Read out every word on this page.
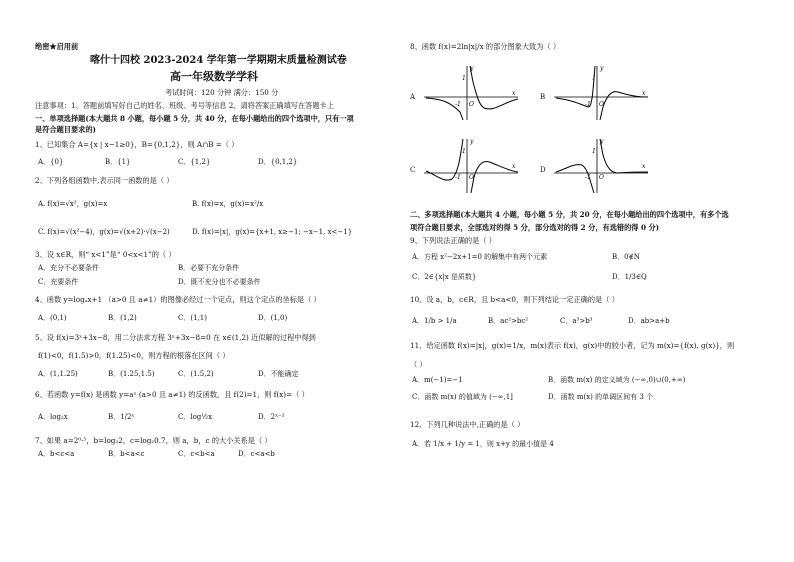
绝密★启用前
喀什十四校 2023-2024 学年第一学期期末质量检测试卷
高一年级数学学科
考试时间：120 分钟 满分：150 分
注意事项：1、答题前填写好自己的姓名、班级、考号等信息 2、请将答案正确填写在答题卡上
一、单项选择题(本大题共 8 小题，每小题 5 分，共 40 分，在每小题给出的四个选项中，只有一项
是符合题目要求的)
1、已知集合 A={x | x−1≥0}，B={0,1,2}，则 A∩B =（ ）
A．{0}	B．{1}	C．{1,2}	D．{0,1,2}
2、下列各组函数中,表示同一函数的是（ ）
A. f(x)=√x²，g(x)=x	B. f(x)=x，g(x)=x²/x
C. f(x)=√(x²−4)，g(x)=√(x+2)·√(x−2)	D. f(x)=|x|，g(x)={x+1, x≥−1; −x−1, x<−1}
3、设 x∈R，则“ x<1”是“ 0<x<1”的（ ）
A．充分不必要条件	B．必要不充分条件
C．充要条件	D．既不充分也不必要条件
4、函数 y=logₐx+1 （a>0 且 a≠1）的图像必经过一个定点，则这个定点的坐标是（ ）
A．(0,1)	B．(1,2)	C．(1,1)	D．(1,0)
5、设 f(x)=3ˣ+3x−8，用二分法求方程 3ˣ+3x−8=0 在 x∈(1,2) 近似解的过程中得到
f(1)<0，f(1.5)>0，f(1.25)<0，则方程的根落在区间（ ）
A．(1,1.25)	B．(1.25,1.5)	C．(1.5,2)	D．不能确定
6、若函数 y=f(x) 是函数 y=aˣ (a>0 且 a≠1) 的反函数，且 f(2)=1，则 f(x)=（ ）
A．log₂x	B．1/2ˣ	C．log½x	D．2ˣ⁻²
7、如果 a=2⁰·⁵，b=log₂2，c=log₂0.7，则 a，b，c 的大小关系是（ ）
A．b<c<a	B．b<a<c	C．c<b<a	D．c<a<b
8、函数 f(x)=2ln|x|/x 的部分图象大致为（ ）
A
y
x
O
1
-1
B
y
x
O
1
-1
C
y
x
O
1
-1
D
y
x
O
1
-1
二、多项选择题(本大题共 4 小题，每小题 5 分，共 20 分，在每小题给出的四个选项中，有多个选
项符合题目要求，全部选对的得 5 分，部分选对的得 2 分，有选错的得 0 分)
9、下列说法正确的是（ ）
A．方程 x²−2x+1=0 的解集中有两个元素	B．0∉N
C．2∈{x|x 是质数}	D．1/3∈Q
10、设 a，b，c∈R，且 b<a<0，则下列结论一定正确的是（ ）
A．1/b > 1/a	B．ac²>bc²	C．a³>b³	D．ab>a+b
11、给定函数 f(x)=|x|，g(x)=1/x，m(x)表示 f(x)，g(x)中的较小者，记为 m(x)={f(x), g(x)}，则
（ ）
A．m(−1)=−1	B．函数 m(x) 的定义域为 (−∞,0)∪(0,+∞)
C．函数 m(x) 的值域为 (−∞,1]	D．函数 m(x) 的单调区间有 3 个
12、下列几种说法中,正确的是（ ）
A．若 1/x + 1/y = 1，则 x+y 的最小值是 4
